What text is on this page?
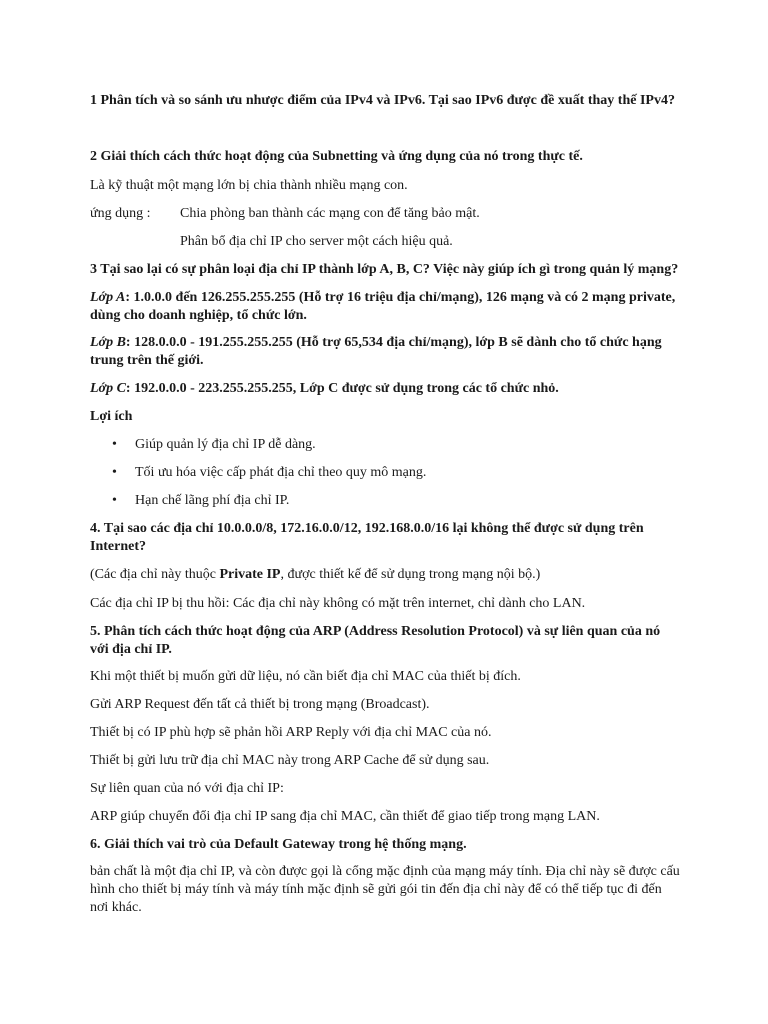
1 Phân tích và so sánh ưu nhược điểm của IPv4 và IPv6. Tại sao IPv6 được đề xuất thay thế IPv4?

2 Giải thích cách thức hoạt động của Subnetting và ứng dụng của nó trong thực tế.

Là kỹ thuật một mạng lớn bị chia thành nhiều mạng con.

ứng dụng : Chia phòng ban thành các mạng con để tăng bảo mật.
Phân bổ địa chỉ IP cho server một cách hiệu quả.

3 Tại sao lại có sự phân loại địa chỉ IP thành lớp A, B, C? Việc này giúp ích gì trong quản lý mạng?

Lớp A: 1.0.0.0 đến 126.255.255.255 (Hỗ trợ 16 triệu địa chỉ/mạng), 126 mạng và có 2 mạng private, dùng cho doanh nghiệp, tổ chức lớn.

Lớp B: 128.0.0.0 - 191.255.255.255 (Hỗ trợ 65,534 địa chỉ/mạng), lớp B sẽ dành cho tổ chức hạng trung trên thế giới.

Lớp C: 192.0.0.0 - 223.255.255.255, Lớp C được sử dụng trong các tổ chức nhỏ.

Lợi ích

• Giúp quản lý địa chỉ IP dễ dàng.
• Tối ưu hóa việc cấp phát địa chỉ theo quy mô mạng.
• Hạn chế lãng phí địa chỉ IP.

4. Tại sao các địa chỉ 10.0.0.0/8, 172.16.0.0/12, 192.168.0.0/16 lại không thể được sử dụng trên Internet?

(Các địa chỉ này thuộc Private IP, được thiết kế để sử dụng trong mạng nội bộ.)

Các địa chỉ IP bị thu hồi: Các địa chỉ này không có mặt trên internet, chỉ dành cho LAN.

5. Phân tích cách thức hoạt động của ARP (Address Resolution Protocol) và sự liên quan của nó với địa chỉ IP.

Khi một thiết bị muốn gửi dữ liệu, nó cần biết địa chỉ MAC của thiết bị đích.

Gửi ARP Request đến tất cả thiết bị trong mạng (Broadcast).

Thiết bị có IP phù hợp sẽ phản hồi ARP Reply với địa chỉ MAC của nó.

Thiết bị gửi lưu trữ địa chỉ MAC này trong ARP Cache để sử dụng sau.

Sự liên quan của nó với địa chỉ IP:

ARP giúp chuyển đổi địa chỉ IP sang địa chỉ MAC, cần thiết để giao tiếp trong mạng LAN.

6. Giải thích vai trò của Default Gateway trong hệ thống mạng.

bản chất là một địa chỉ IP, và còn được gọi là cổng mặc định của mạng máy tính. Địa chỉ này sẽ được cấu hình cho thiết bị máy tính và máy tính mặc định sẽ gửi gói tin đến địa chỉ này để có thể tiếp tục đi đến nơi khác.
